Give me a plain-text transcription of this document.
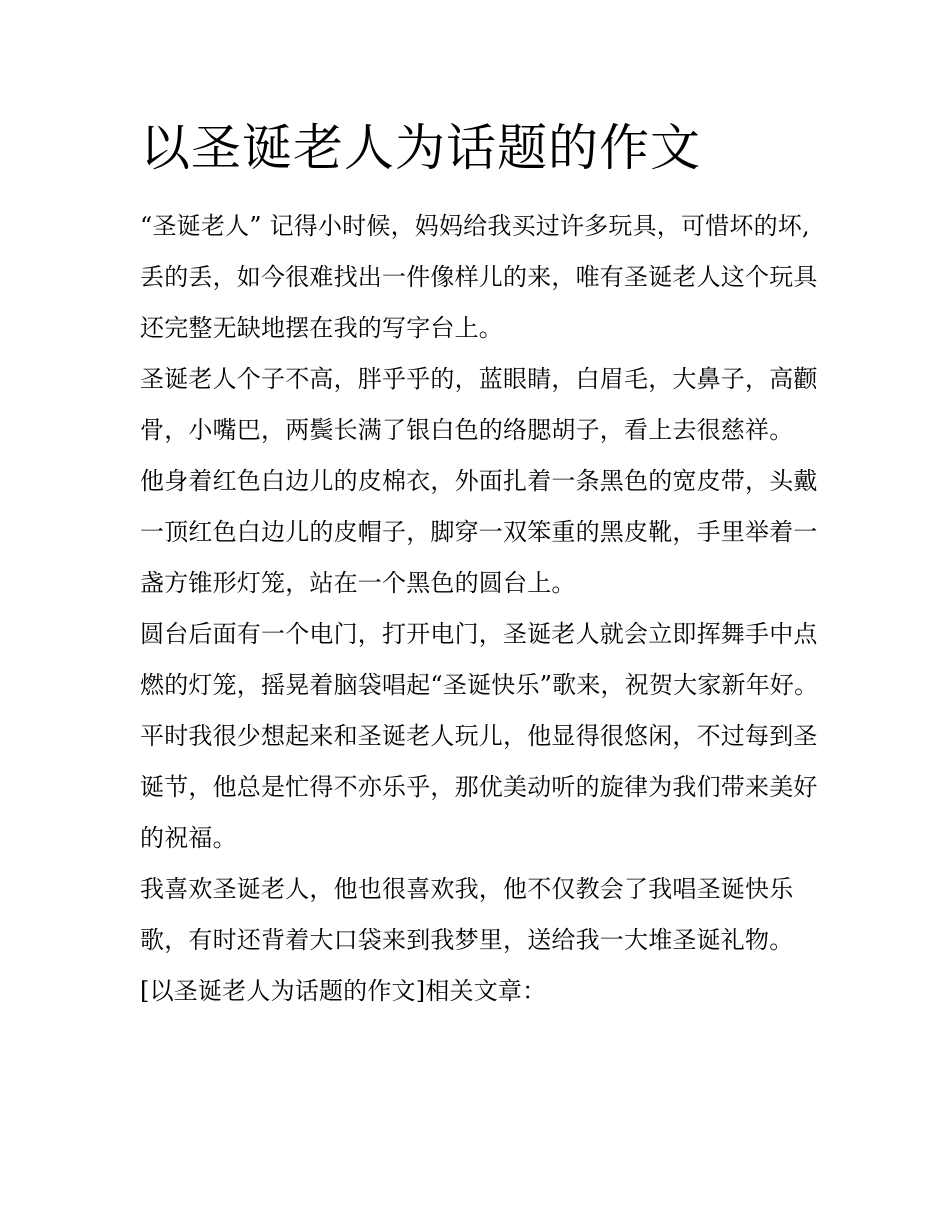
以圣诞老人为话题的作文

“圣诞老人” 记得小时候，妈妈给我买过许多玩具，可惜坏的坏,丢的丢，如今很难找出一件像样儿的来，唯有圣诞老人这个玩具还完整无缺地摆在我的写字台上。

圣诞老人个子不高，胖乎乎的，蓝眼睛，白眉毛，大鼻子，高颧骨，小嘴巴，两鬓长满了银白色的络腮胡子，看上去很慈祥。

他身着红色白边儿的皮棉衣，外面扎着一条黑色的宽皮带，头戴一顶红色白边儿的皮帽子，脚穿一双笨重的黑皮靴，手里举着一盏方锥形灯笼，站在一个黑色的圆台上。

圆台后面有一个电门，打开电门，圣诞老人就会立即挥舞手中点燃的灯笼，摇晃着脑袋唱起“圣诞快乐”歌来，祝贺大家新年好。

平时我很少想起来和圣诞老人玩儿，他显得很悠闲，不过每到圣诞节，他总是忙得不亦乐乎，那优美动听的旋律为我们带来美好的祝福。

我喜欢圣诞老人，他也很喜欢我，他不仅教会了我唱圣诞快乐歌，有时还背着大口袋来到我梦里，送给我一大堆圣诞礼物。

[以圣诞老人为话题的作文]相关文章：
